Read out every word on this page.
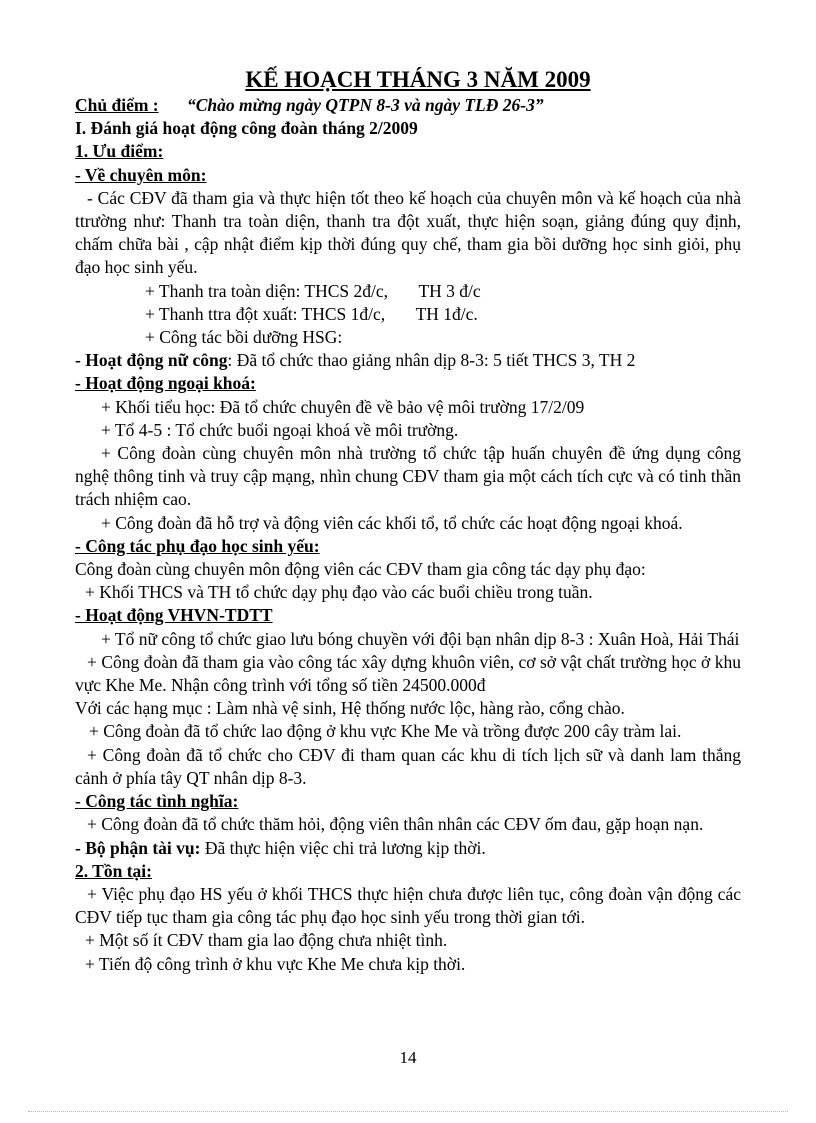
KẾ HOẠCH THÁNG 3 NĂM 2009

Chủ điểm : “Chào mừng ngày QTPN 8-3 và ngày TLĐ 26-3”

I. Đánh giá hoạt động công đoàn tháng 2/2009

1. Ưu điểm:

- Về chuyên môn:

- Các CĐV đã tham gia và thực hiện tốt theo kế hoạch của chuyên môn và kế hoạch của nhà ttrường như: Thanh tra toàn diện, thanh tra đột xuất, thực hiện soạn, giảng đúng quy định, chấm chữa bài , cập nhật điểm kịp thời đúng quy chế, tham gia bồi dưỡng học sinh giỏi, phụ đạo học sinh yếu.

+ Thanh tra toàn diện: THCS 2đ/c, TH 3 đ/c

+ Thanh ttra đột xuất: THCS 1đ/c, TH 1đ/c.

+ Công tác bồi dưỡng HSG:

- Hoạt động nữ công: Đã tổ chức thao giảng nhân dịp 8-3: 5 tiết THCS 3, TH 2

- Hoạt động ngoại khoá:

+ Khối tiểu học: Đã tổ chức chuyên đề về bảo vệ môi trường 17/2/09

+ Tổ 4-5 : Tổ chức buổi ngoại khoá về môi trường.

+ Công đoàn cùng chuyên môn nhà trường tổ chức tập huấn chuyên đề ứng dụng công nghệ thông tinh và truy cập mạng, nhìn chung CĐV tham gia một cách tích cực và có tinh thần trách nhiệm cao.

+ Công đoàn đã hỗ trợ và động viên các khối tổ, tổ chức các hoạt động ngoại khoá.

- Công tác phụ đạo học sinh yếu:

Công đoàn cùng chuyên môn động viên các CĐV tham gia công tác dạy phụ đạo:

+ Khối THCS và TH tổ chức dạy phụ đạo vào các buổi chiều trong tuần.

- Hoạt động VHVN-TDTT

+ Tổ nữ công tổ chức giao lưu bóng chuyền với đội bạn nhân dịp 8-3 : Xuân Hoà, Hải Thái

+ Công đoàn đã tham gia vào công tác xây dựng khuôn viên, cơ sở vật chất trường học ở khu vực Khe Me. Nhận công trình với tổng số tiền 24500.000đ

Với các hạng mục : Làm nhà vệ sinh, Hệ thống nước lộc, hàng rào, cổng chào.

+ Công đoàn đã tổ chức lao động ở khu vực Khe Me và trồng được 200 cây tràm lai.

+ Công đoàn đã tổ chức cho CĐV đi tham quan các khu di tích lịch sữ và danh lam thắng cảnh ở phía tây QT nhân dịp 8-3.

- Công tác tình nghĩa:

+ Công đoàn đã tổ chức thăm hỏi, động viên thân nhân các CĐV ốm đau, gặp hoạn nạn.

- Bộ phận tài vụ: Đã thực hiện việc chi trả lương kịp thời.

2. Tồn tại:

+ Việc phụ đạo HS yếu ở khối THCS thực hiện chưa được liên tục, công đoàn vận động các CĐV tiếp tục tham gia công tác phụ đạo học sinh yếu trong thời gian tới.

+ Một số ít CĐV tham gia lao động chưa nhiệt tình.

+ Tiến độ công trình ở khu vực Khe Me chưa kịp thời.

14
